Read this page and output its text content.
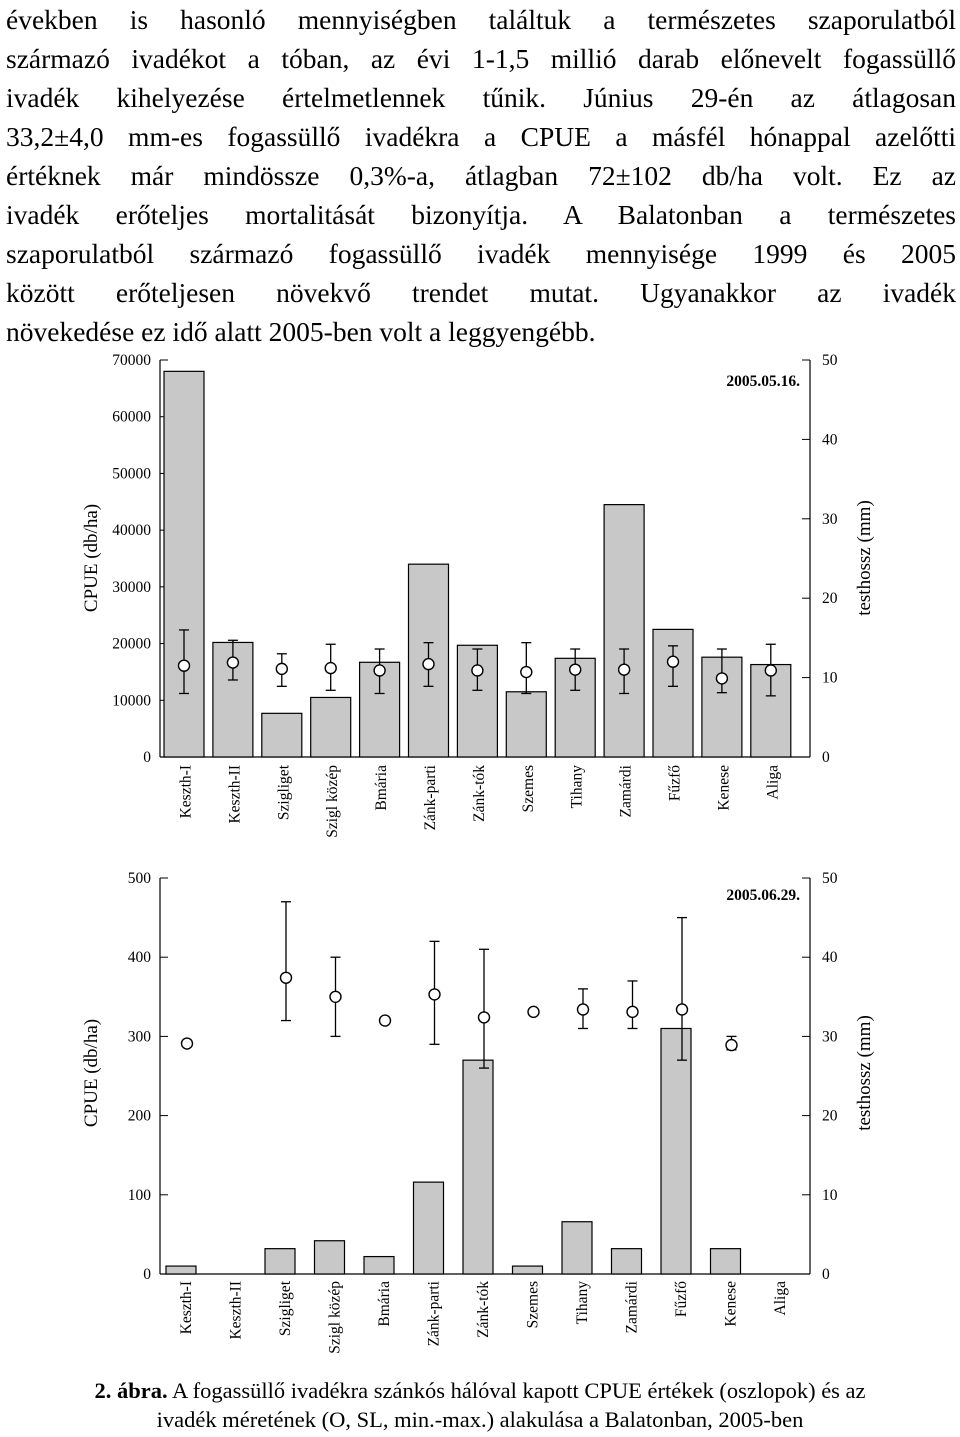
években is hasonló mennyiségben találtuk a természetes szaporulatból
származó ivadékot a tóban, az évi 1-1,5 millió darab előnevelt fogassüllő
ivadék kihelyezése értelmetlennek tűnik. Június 29-én az átlagosan
33,2±4,0 mm-es fogassüllő ivadékra a CPUE a másfél hónappal azelőtti
értéknek már mindössze 0,3%-a, átlagban 72±102 db/ha volt. Ez az
ivadék erőteljes mortalitását bizonyítja. A Balatonban a természetes
szaporulatból származó fogassüllő ivadék mennyisége 1999 és 2005
között erőteljesen növekvő trendet mutat. Ugyanakkor az ivadék
növekedése ez idő alatt 2005-ben volt a leggyengébb.
0
10000
20000
30000
40000
50000
60000
70000
0
10
20
30
40
50
CPUE (db/ha)	testhossz (mm)
2005.05.16.
Keszth-I Keszth-II Szigliget Szigl közép Bmária Zánk-parti Zánk-tók Szemes Tihany Zamárdi Fűzfő Kenese Aliga
0
100
200
300
400
500
0
10
20
30
40
50
CPUE (db/ha)	testhossz (mm)
2005.06.29.
Keszth-I Keszth-II Szigliget Szigl közép Bmária Zánk-parti Zánk-tók Szemes Tihany Zamárdi Fűzfő Kenese Aliga

2. ábra. A fogassüllő ivadékra szánkós hálóval kapott CPUE értékek (oszlopok) és az
ivadék méretének (O, SL, min.-max.) alakulása a Balatonban, 2005-ben
